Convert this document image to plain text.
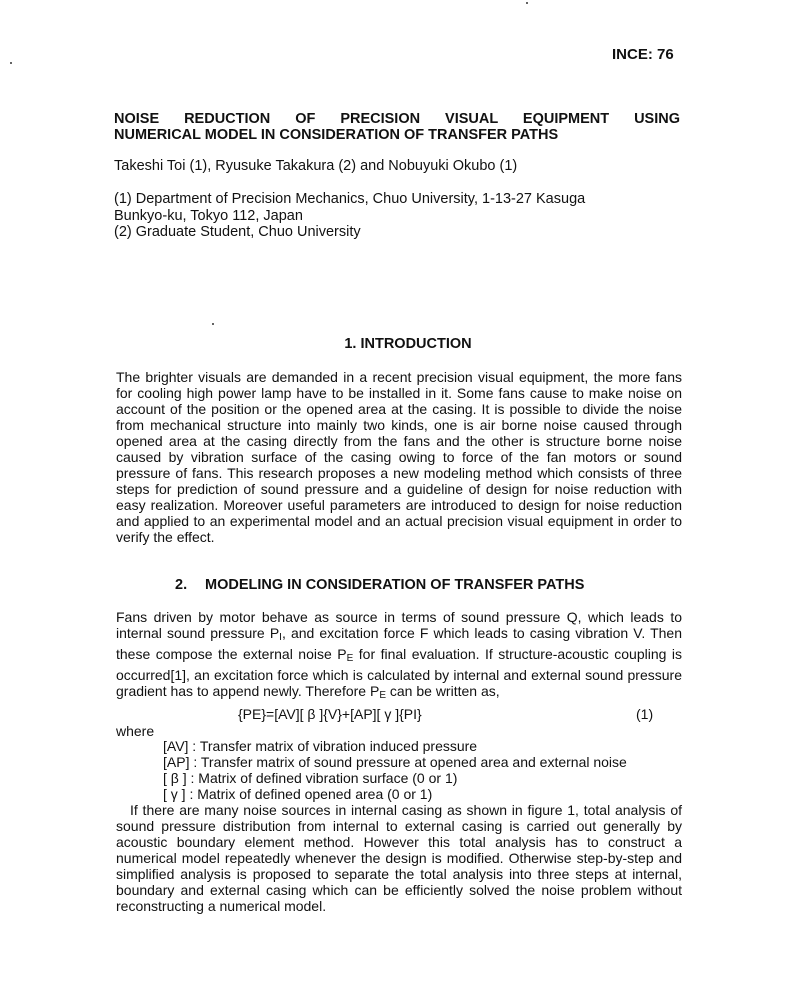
INCE: 76
NOISE REDUCTION OF PRECISION VISUAL EQUIPMENT USING
NUMERICAL MODEL IN CONSIDERATION OF TRANSFER PATHS
Takeshi Toi (1), Ryusuke Takakura (2) and Nobuyuki Okubo (1)
(1) Department of Precision Mechanics, Chuo University, 1-13-27 Kasuga
Bunkyo-ku, Tokyo 112, Japan
(2) Graduate Student, Chuo University
1. INTRODUCTION
The brighter visuals are demanded in a recent precision visual equipment, the more fans for cooling high power lamp have to be installed in it. Some fans cause to make noise on account of the position or the opened area at the casing. It is possible to divide the noise from mechanical structure into mainly two kinds, one is air borne noise caused through opened area at the casing directly from the fans and the other is structure borne noise caused by vibration surface of the casing owing to force of the fan motors or sound pressure of fans. This research proposes a new modeling method which consists of three steps for prediction of sound pressure and a guideline of design for noise reduction with easy realization. Moreover useful parameters are introduced to design for noise reduction and applied to an experimental model and an actual precision visual equipment in order to verify the effect.
2. MODELING IN CONSIDERATION OF TRANSFER PATHS
Fans driven by motor behave as source in terms of sound pressure Q, which leads to internal sound pressure $P_I$, and excitation force F which leads to casing vibration V. Then these compose the external noise $P_E$ for final evaluation. If structure-acoustic coupling is occurred[1], an excitation force which is calculated by internal and external sound pressure gradient has to append newly. Therefore $P_E$ can be written as,
{PE}=[AV][ β ]{V}+[AP][ γ ]{PI}	(1)
where
[AV] : Transfer matrix of vibration induced pressure
[AP] : Transfer matrix of sound pressure at opened area and external noise
[ β ] : Matrix of defined vibration surface (0 or 1)
[ γ ] : Matrix of defined opened area (0 or 1)
If there are many noise sources in internal casing as shown in figure 1, total analysis of sound pressure distribution from internal to external casing is carried out generally by acoustic boundary element method. However this total analysis has to construct a numerical model repeatedly whenever the design is modified. Otherwise step-by-step and simplified analysis is proposed to separate the total analysis into three steps at internal, boundary and external casing which can be efficiently solved the noise problem without reconstructing a numerical model.
